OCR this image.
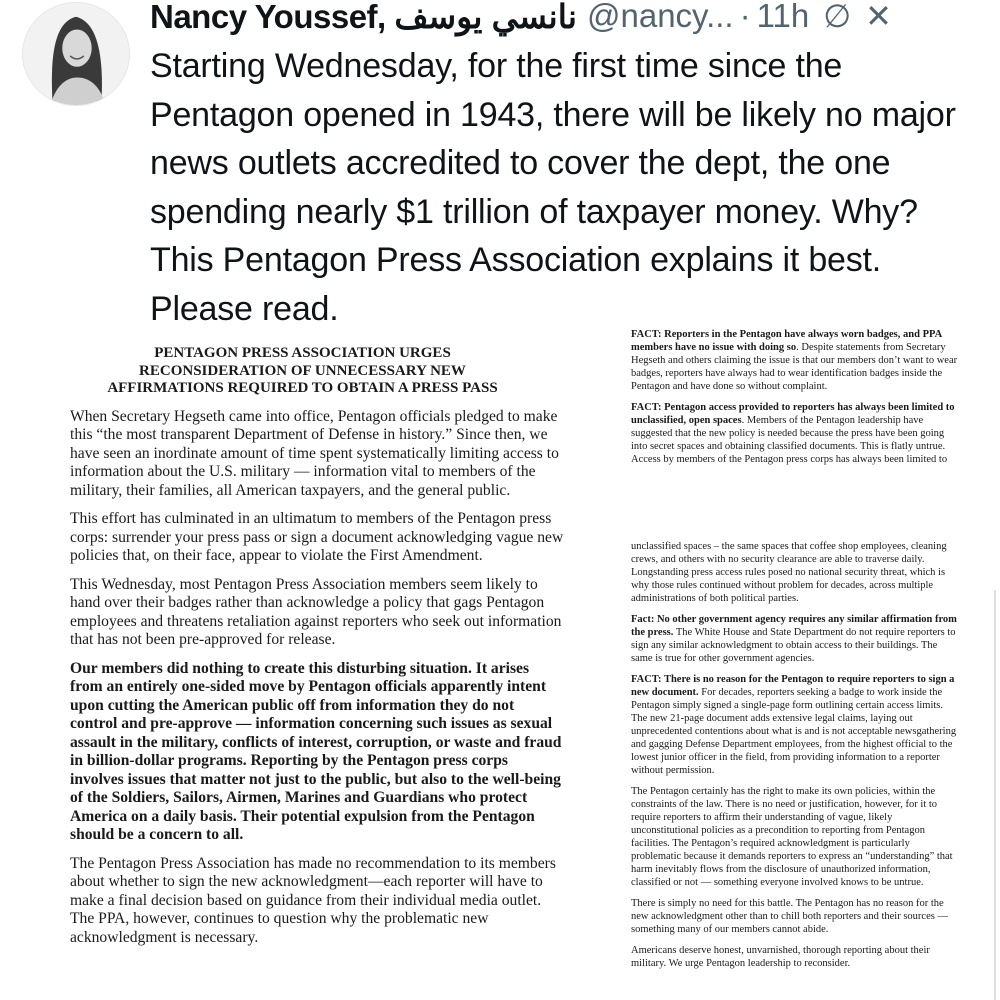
Nancy Youssef, نانسي يوسف @nancy... · 11h ∅ ✕
Starting Wednesday, for the first time since the Pentagon opened in 1943, there will be likely no major news outlets accredited to cover the dept, the one spending nearly $1 trillion of taxpayer money. Why? This Pentagon Press Association explains it best. Please read.
PENTAGON PRESS ASSOCIATION URGES
RECONSIDERATION OF UNNECESSARY NEW
AFFIRMATIONS REQUIRED TO OBTAIN A PRESS PASS

When Secretary Hegseth came into office, Pentagon officials pledged to make this “the most transparent Department of Defense in history.” Since then, we have seen an inordinate amount of time spent systematically limiting access to information about the U.S. military — information vital to members of the military, their families, all American taxpayers, and the general public.

This effort has culminated in an ultimatum to members of the Pentagon press corps: surrender your press pass or sign a document acknowledging vague new policies that, on their face, appear to violate the First Amendment.

This Wednesday, most Pentagon Press Association members seem likely to hand over their badges rather than acknowledge a policy that gags Pentagon employees and threatens retaliation against reporters who seek out information that has not been pre-approved for release.

Our members did nothing to create this disturbing situation. It arises from an entirely one-sided move by Pentagon officials apparently intent upon cutting the American public off from information they do not control and pre-approve — information concerning such issues as sexual assault in the military, conflicts of interest, corruption, or waste and fraud in billion-dollar programs. Reporting by the Pentagon press corps involves issues that matter not just to the public, but also to the well-being of the Soldiers, Sailors, Airmen, Marines and Guardians who protect America on a daily basis. Their potential expulsion from the Pentagon should be a concern to all.

The Pentagon Press Association has made no recommendation to its members about whether to sign the new acknowledgment—each reporter will have to make a final decision based on guidance from their individual media outlet. The PPA, however, continues to question why the problematic new acknowledgment is necessary.

FACT: Reporters in the Pentagon have always worn badges, and PPA members have no issue with doing so. Despite statements from Secretary Hegseth and others claiming the issue is that our members don’t want to wear badges, reporters have always had to wear identification badges inside the Pentagon and have done so without complaint.

FACT: Pentagon access provided to reporters has always been limited to unclassified, open spaces. Members of the Pentagon leadership have suggested that the new policy is needed because the press have been going into secret spaces and obtaining classified documents. This is flatly untrue. Access by members of the Pentagon press corps has always been limited to

unclassified spaces – the same spaces that coffee shop employees, cleaning crews, and others with no security clearance are able to traverse daily. Longstanding press access rules posed no national security threat, which is why those rules continued without problem for decades, across multiple administrations of both political parties.

Fact: No other government agency requires any similar affirmation from the press. The White House and State Department do not require reporters to sign any similar acknowledgment to obtain access to their buildings. The same is true for other government agencies.

FACT: There is no reason for the Pentagon to require reporters to sign a new document. For decades, reporters seeking a badge to work inside the Pentagon simply signed a single-page form outlining certain access limits. The new 21-page document adds extensive legal claims, laying out unprecedented contentions about what is and is not acceptable newsgathering and gagging Defense Department employees, from the highest official to the lowest junior officer in the field, from providing information to a reporter without permission.

The Pentagon certainly has the right to make its own policies, within the constraints of the law. There is no need or justification, however, for it to require reporters to affirm their understanding of vague, likely unconstitutional policies as a precondition to reporting from Pentagon facilities. The Pentagon’s required acknowledgment is particularly problematic because it demands reporters to express an “understanding” that harm inevitably flows from the disclosure of unauthorized information, classified or not — something everyone involved knows to be untrue.

There is simply no need for this battle. The Pentagon has no reason for the new acknowledgment other than to chill both reporters and their sources — something many of our members cannot abide.

Americans deserve honest, unvarnished, thorough reporting about their military. We urge Pentagon leadership to reconsider.
